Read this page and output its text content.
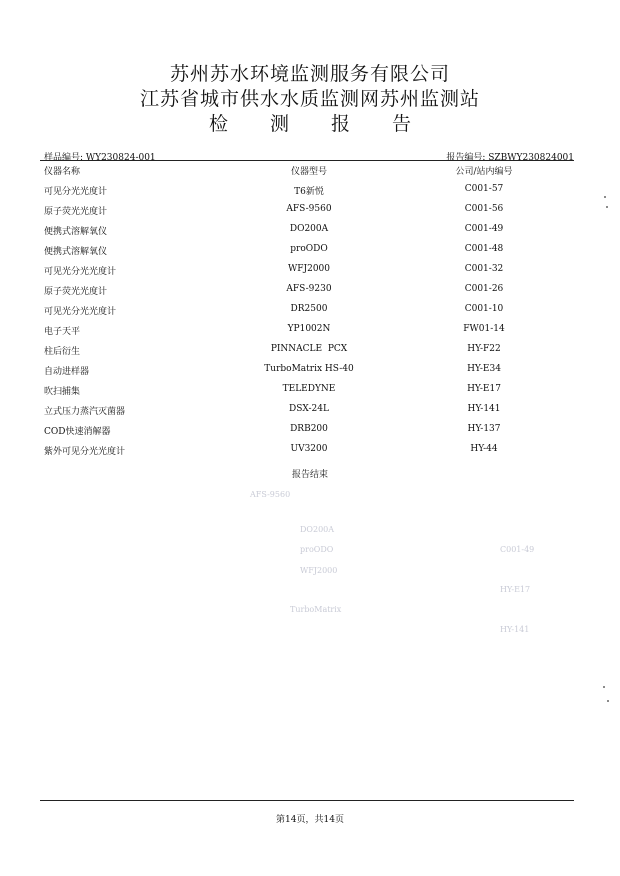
AFS-9560
DO200A
proODO
WFJ2000
TurboMatrix
C001-49
HY-E17
HY-141
苏州苏水环境监测服务有限公司
江苏省城市供水水质监测网苏州监测站
检 测 报 告
样品编号: WY230824-001	报告编号: SZBWY230824001
仪器名称	仪器型号	公司/站内编号
可见分光光度计	T6新悦	C001-57
原子荧光光度计	AFS-9560	C001-56
便携式溶解氧仪	DO200A	C001-49
便携式溶解氧仪	proODO	C001-48
可见光分光光度计	WFJ2000	C001-32
原子荧光光度计	AFS-9230	C001-26
可见光分光光度计	DR2500	C001-10
电子天平	YP1002N	FW01-14
柱后衍生	PINNACLE  PCX	HY-F22
自动进样器	TurboMatrix HS-40	HY-E34
吹扫捕集	TELEDYNE	HY-E17
立式压力蒸汽灭菌器	DSX-24L	HY-141
COD快速消解器	DRB200	HY-137
紫外可见分光光度计	UV3200	HY-44
报告结束
第14页，共14页
